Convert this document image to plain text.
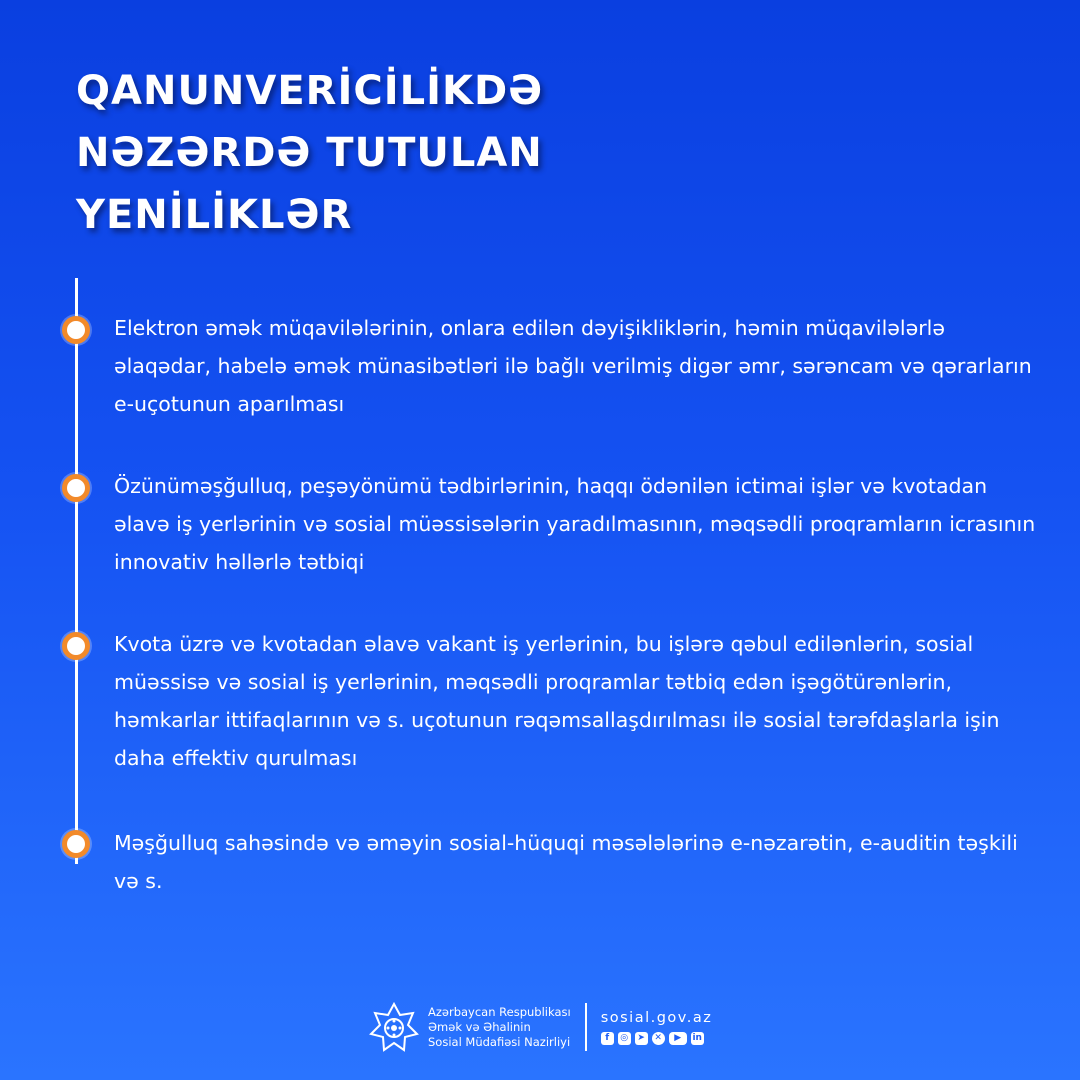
QANUNVERİCİLİKDƏ
NƏZƏRDƏ TUTULAN
YENİLİKLƏR

Elektron əmək müqavilələrinin, onlara edilən dəyişikliklərin, həmin müqavilələrlə əlaqədar, habelə əmək münasibətləri ilə bağlı verilmiş digər əmr, sərəncam və qərarların e-uçotunun aparılması

Özünüməşğulluq, peşəyönümü tədbirlərinin, haqqı ödənilən ictimai işlər və kvotadan əlavə iş yerlərinin və sosial müəssisələrin yaradılmasının, məqsədli proqramların icrasının innovativ həllərlə tətbiqi

Kvota üzrə və kvotadan əlavə vakant iş yerlərinin, bu işlərə qəbul edilənlərin, sosial müəssisə və sosial iş yerlərinin, məqsədli proqramlar tətbiq edən işəgötürənlərin, həmkarlar ittifaqlarının və s. uçotunun rəqəmsallaşdırılması ilə sosial tərəfdaşlarla işin daha effektiv qurulması

Məşğulluq sahəsində və əməyin sosial-hüquqi məsələlərinə e-nəzarətin, e-auditin təşkili və s.

Azərbaycan Respublikası
Əmək və Əhalinin
Sosial Müdafiəsi Nazirliyi
sosial.gov.az
f	◎	➤	✕	▶	in
